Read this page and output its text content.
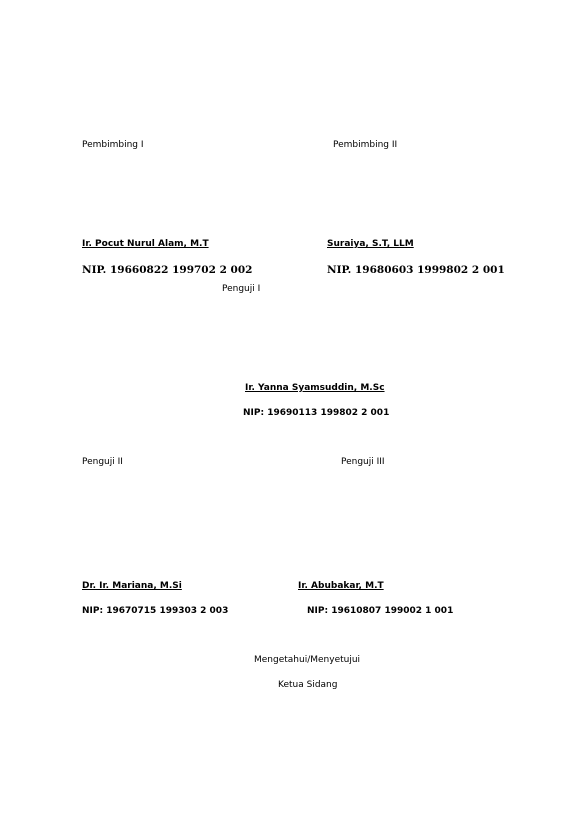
Pembimbing I	Pembimbing II
Ir. Pocut Nurul Alam, M.T	Suraiya, S.T, LLM
NIP. 19660822 199702 2 002	NIP. 19680603 1999802 2 001
Penguji I
Ir. Yanna Syamsuddin, M.Sc
NIP: 19690113 199802 2 001
Penguji II	Penguji III
Dr. Ir. Mariana, M.Si	Ir. Abubakar, M.T
NIP: 19670715 199303 2 003	NIP: 19610807 199002 1 001
Mengetahui/Menyetujui
Ketua Sidang
